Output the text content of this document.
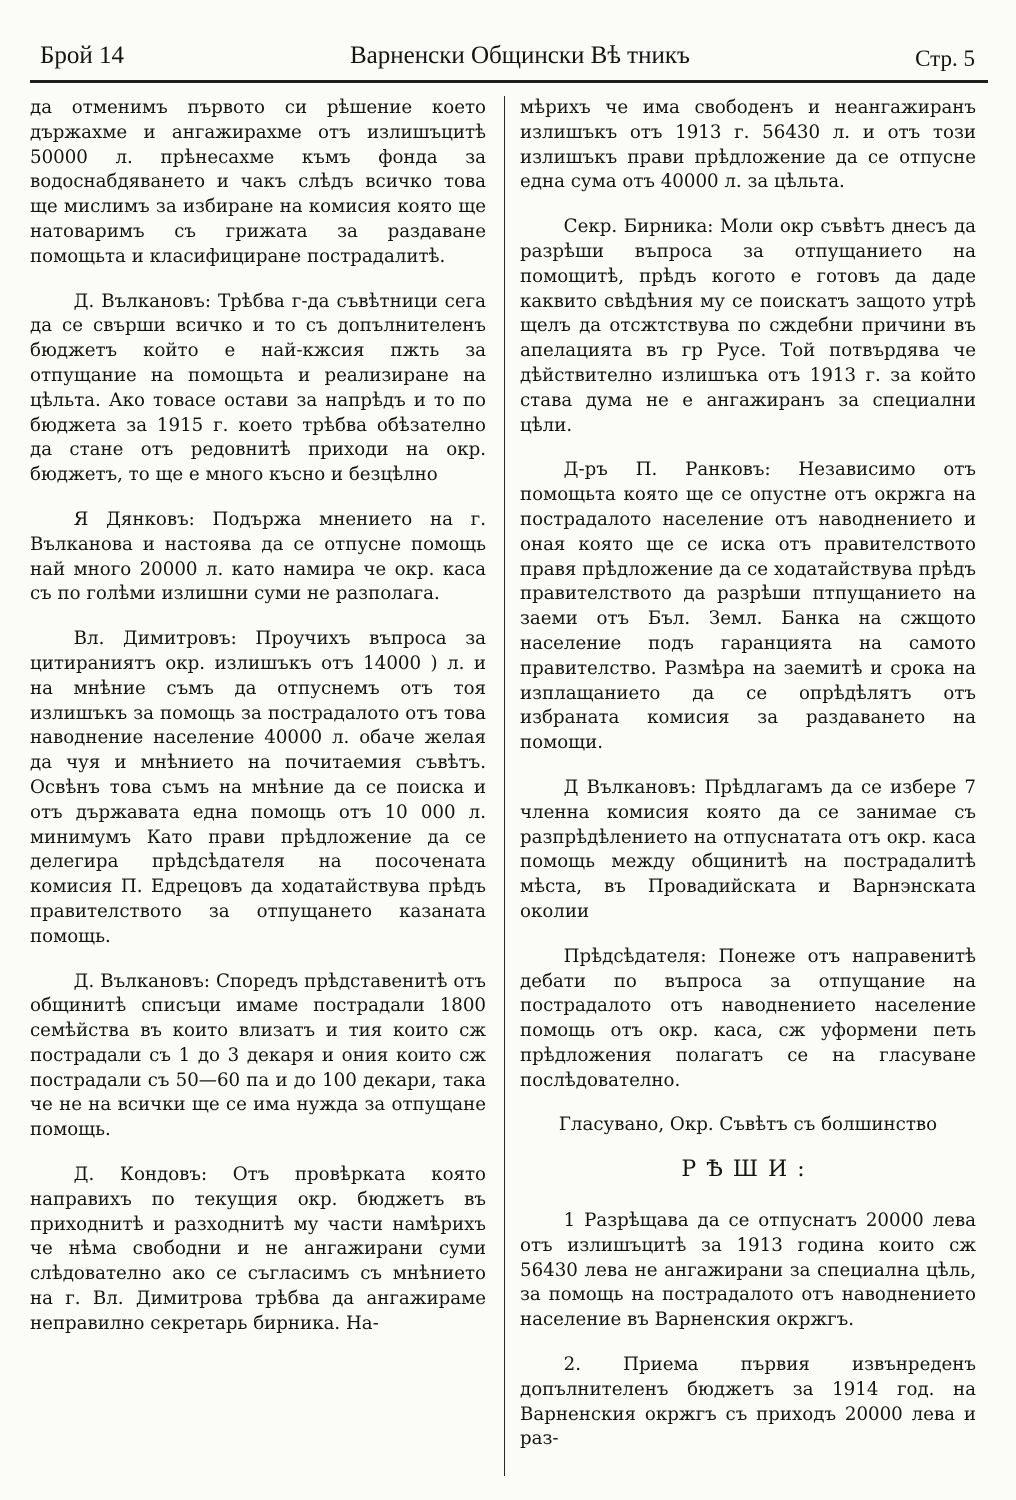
Брой 14	Варненски Общински Вѣ тникъ	Стр. 5

да отменимъ първото си рѣшение което държахме и ангажирахме отъ излишъцитѣ 50000 л. прѣнесахме къмъ фонда за водоснабдяването и чакъ слѣдъ всичко това ще мислимъ за избиране на комисия която ще натоваримъ съ грижата за раздаване помощьта и класифициране пострадалитѣ.

Д. Вълкановъ: Трѣбва г-да съвѣтници сега да се свърши всичко и то съ допълнителенъ бюджетъ който е най-кжсия пжть за отпущание на помощьта и реализиране на цѣльта. Ако товасе остави за напрѣдъ и то по бюджета за 1915 г. което трѣбва обѣзателно да стане отъ редовнитѣ приходи на окр. бюджетъ, то ще е много късно и безцѣлно

Я Дянковъ: Подържа мнението на г. Вълканова и настоява да се отпусне помощь най много 20000 л. като намира че окр. каса съ по голѣми излишни суми не разполага.

Вл. Димитровъ: Проучихъ въпроса за цитираниятъ окр. излишъкъ отъ 14000 ) л. и на мнѣние съмъ да отпуснемъ отъ тоя излишъкъ за помощь за пострадалото отъ това наводнение население 40000 л. обаче желая да чуя и мнѣнието на почитаемия съвѣтъ. Освѣнъ това съмъ на мнѣние да се поиска и отъ държавата една помощь отъ 10 000 л. минимумъ Като прави прѣдложение да се делегира прѣдсѣдателя на посочената комисия П. Едрецовъ да ходатайствува прѣдъ правителството за отпущането казаната помощь.

Д. Вълкановъ: Споредъ прѣдставенитѣ отъ общинитѣ списъци имаме пострадали 1800 семѣйства въ които влизатъ и тия които сж пострадали съ 1 до 3 декаря и ония които сж пострадали съ 50—60 па и до 100 декари, така че не на всички ще се има нужда за отпущане помощь.

Д. Кондовъ: Отъ провѣрката която направихъ по текущия окр. бюджетъ въ приходнитѣ и разходнитѣ му части намѣрихъ че нѣма свободни и не ангажирани суми слѣдователно ако се съгласимъ съ мнѣнието на г. Вл. Димитрова трѣбва да ангажираме неправилно секретарь бирника. На-

мѣрихъ че има свободенъ и неангажиранъ излишъкъ отъ 1913 г. 56430 л. и отъ този излишъкъ прави прѣдложение да се отпусне една сума отъ 40000 л. за цѣльта.

Секр. Бирника: Моли окр съвѣтъ днесъ да разрѣши въпроса за отпущанието на помощитѣ, прѣдъ когото е готовъ да даде каквито свѣдѣния му се поискатъ защото утрѣ щелъ да отсжтствува по сждебни причини въ апелацията въ гр Русе. Той потвърдява че дѣйствително излишъка отъ 1913 г. за който става дума не е ангажиранъ за специални цѣли.

Д-ръ П. Ранковъ: Независимо отъ помощьта която ще се опустне отъ окржга на пострадалото население отъ наводнението и оная която ще се иска отъ правителството правя прѣдложение да се ходатайствува прѣдъ правителството да разрѣши птпущанието на заеми отъ Бъл. Земл. Банка на сжщото население подъ гаранцията на самото правителство. Размѣра на заемитѣ и срока на изплащанието да се опрѣдѣлятъ отъ избраната комисия за раздаването на помощи.

Д Вълкановъ: Прѣдлагамъ да се избере 7 членна комисия която да се занимае съ разпрѣдѣлението на отпуснатата отъ окр. каса помощь между общинитѣ на пострадалитѣ мѣста, въ Провадийската и Варнэнската околии

Прѣдсѣдателя: Понеже отъ направенитѣ дебати по въпроса за отпущание на пострадалото отъ наводнението население помощь отъ окр. каса, сж уформени петь прѣдложения полагатъ се на гласуване послѣдователно.

Гласувано, Окр. Съвѣтъ съ болшинство

РѢШИ:

1 Разрѣщава да се отпуснатъ 20000 лева отъ излишъцитѣ за 1913 година които сж 56430 лева не ангажирани за специална цѣль, за помощь на пострадалото отъ наводнението население въ Варненския окржгъ.

2. Приема първия извънреденъ допълнителенъ бюджетъ за 1914 год. на Варненския окржгъ съ приходъ 20000 лева и раз-
